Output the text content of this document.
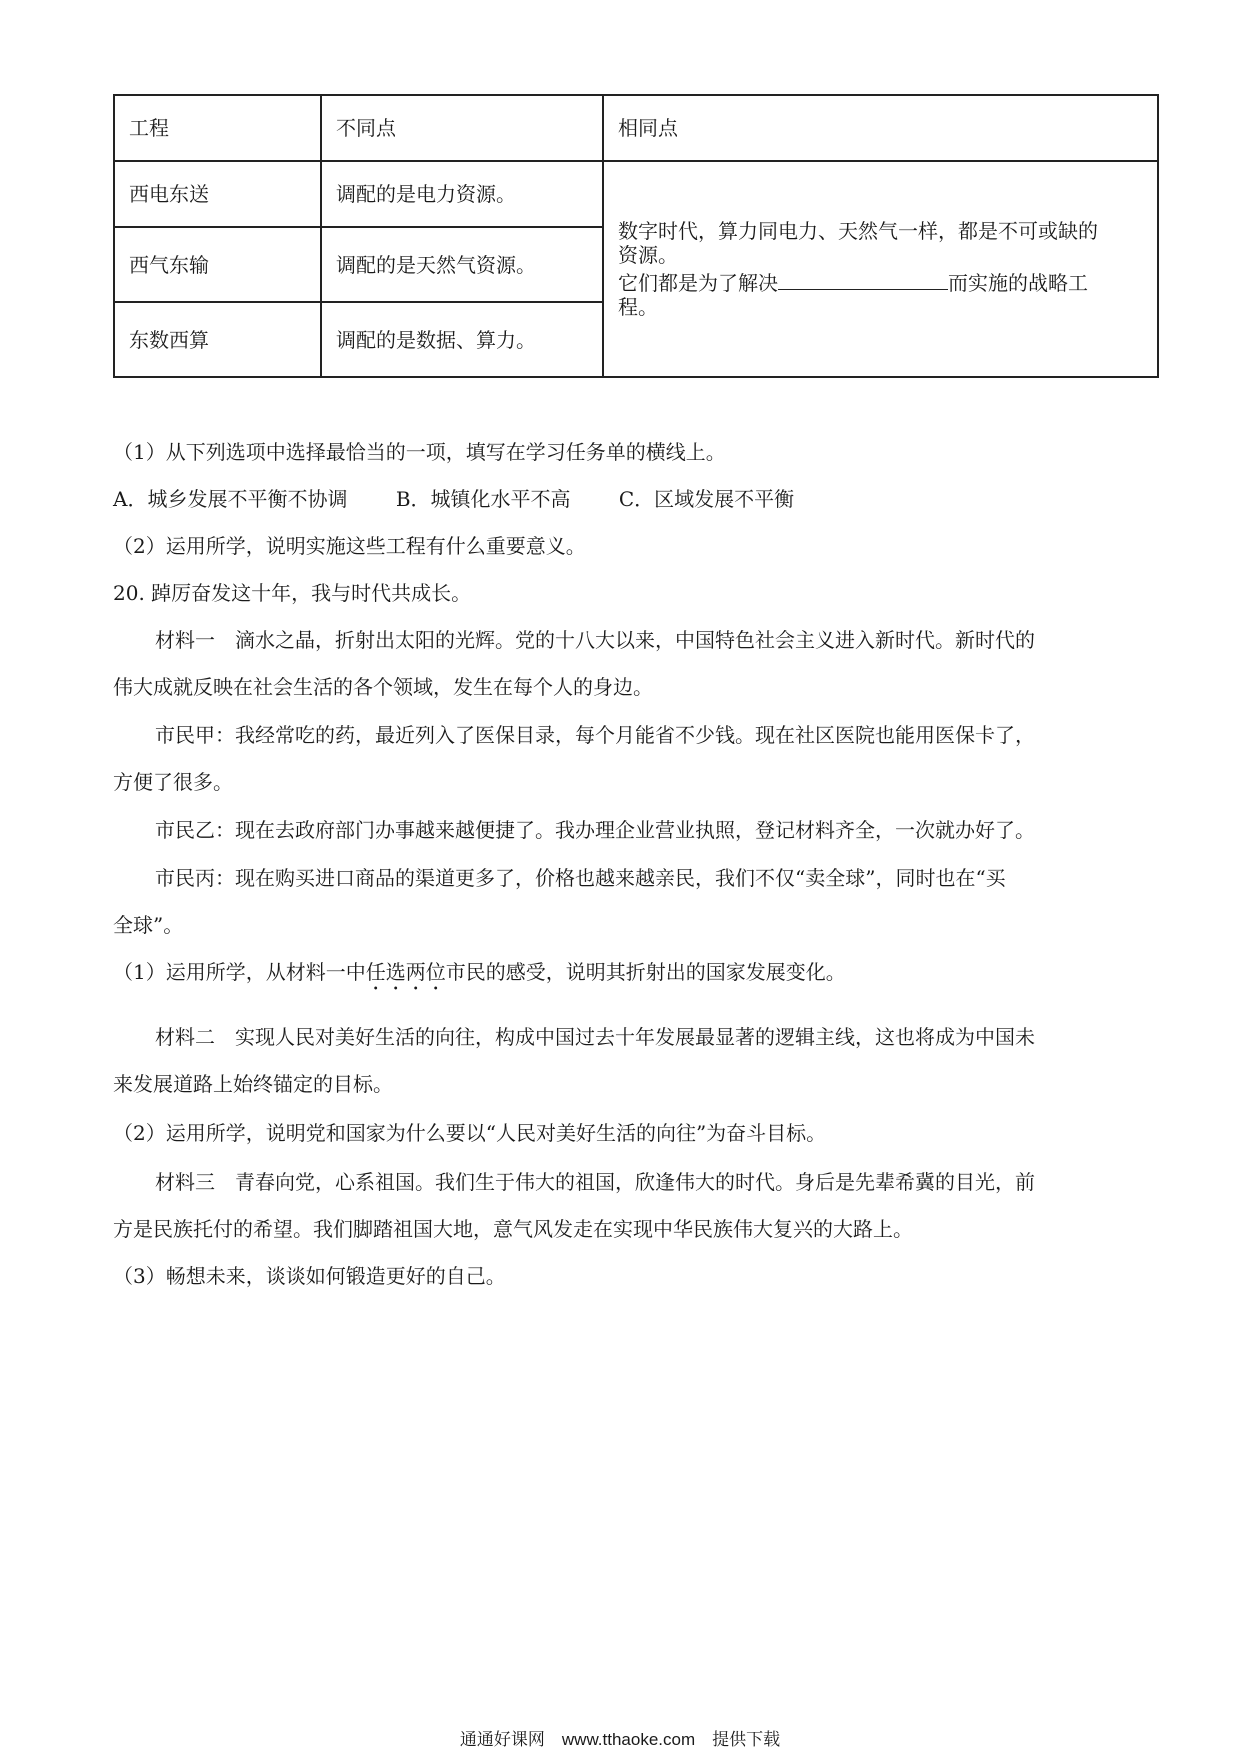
工程	不同点	相同点
西电东送	调配的是电力资源。	数字时代，算力同电力、天然气一样，都是不可或缺的
资源。
它们都是为了解决 而实施的战略工
程。
西气东输	调配的是天然气资源。	
东数西算	调配的是数据、算力。	
（1）从下列选项中选择最恰当的一项，填写在学习任务单的横线上。
A．城乡发展不平衡不协调 B．城镇化水平不高 C．区域发展不平衡
（2）运用所学，说明实施这些工程有什么重要意义。
20. 踔厉奋发这十年，我与时代共成长。
材料一　滴水之晶，折射出太阳的光辉。党的十八大以来，中国特色社会主义进入新时代。新时代的
伟大成就反映在社会生活的各个领域，发生在每个人的身边。
市民甲：我经常吃的药，最近列入了医保目录，每个月能省不少钱。现在社区医院也能用医保卡了，
方便了很多。
市民乙：现在去政府部门办事越来越便捷了。我办理企业营业执照，登记材料齐全，一次就办好了。
市民丙：现在购买进口商品的渠道更多了，价格也越来越亲民，我们不仅“卖全球”，同时也在“买
全球”。
（1）运用所学，从材料一中任选两位市民的感受，说明其折射出的国家发展变化。
材料二　实现人民对美好生活的向往，构成中国过去十年发展最显著的逻辑主线，这也将成为中国未
来发展道路上始终锚定的目标。
（2）运用所学，说明党和国家为什么要以“人民对美好生活的向往”为奋斗目标。
材料三　青春向党，心系祖国。我们生于伟大的祖国，欣逢伟大的时代。身后是先辈希冀的目光，前
方是民族托付的希望。我们脚踏祖国大地，意气风发走在实现中华民族伟大复兴的大路上。
（3）畅想未来，谈谈如何锻造更好的自己。
通通好课网　www.tthaoke.com　提供下载
